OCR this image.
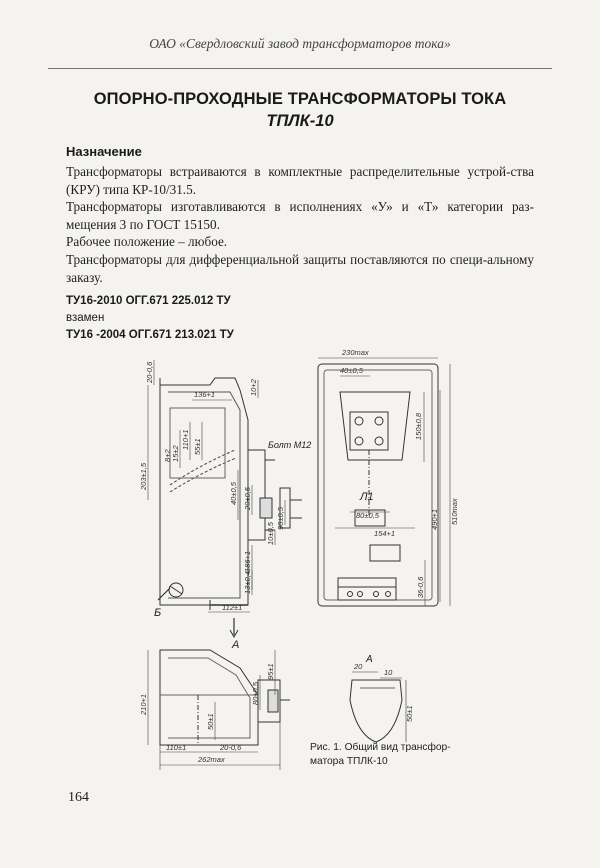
ОАО «Свердловский завод трансформаторов тока»
ОПОРНО-ПРОХОДНЫЕ ТРАНСФОРМАТОРЫ ТОКА
ТПЛК-10
Назначение

Трансформаторы встраиваются в комплектные распределительные устрой-ства (КРУ) типа КР-10/31.5.

Трансформаторы изготавливаются в исполнениях «У» и «Т» категории раз-мещения 3 по ГОСТ 15150.

Рабочее положение – любое.

Трансформаторы для дифференциальной защиты поставляются по специ-альному заказу.

ТУ16-2010 ОГГ.671 225.012 ТУ
взамен
ТУ16 -2004 ОГГ.671 213.021 ТУ
230max
40±0,5
150±0,8
490+1 510max
36-0,6
154+1
80±0,5
136+1
203±1,5
20-0,6
10+2
110+1 55±1
15±2
8+2
40±0,5 20±0,5
10±0,5
90±0,5
186+1
13±0,4
112±1
210+1
95±1
80±0,5
50±1
110±1	20-0,6
262max
20
10
50±1
Болт М12
Л1
A
Б
A
Рис. 1. Общий вид трансфор-
матора ТПЛК-10
164
